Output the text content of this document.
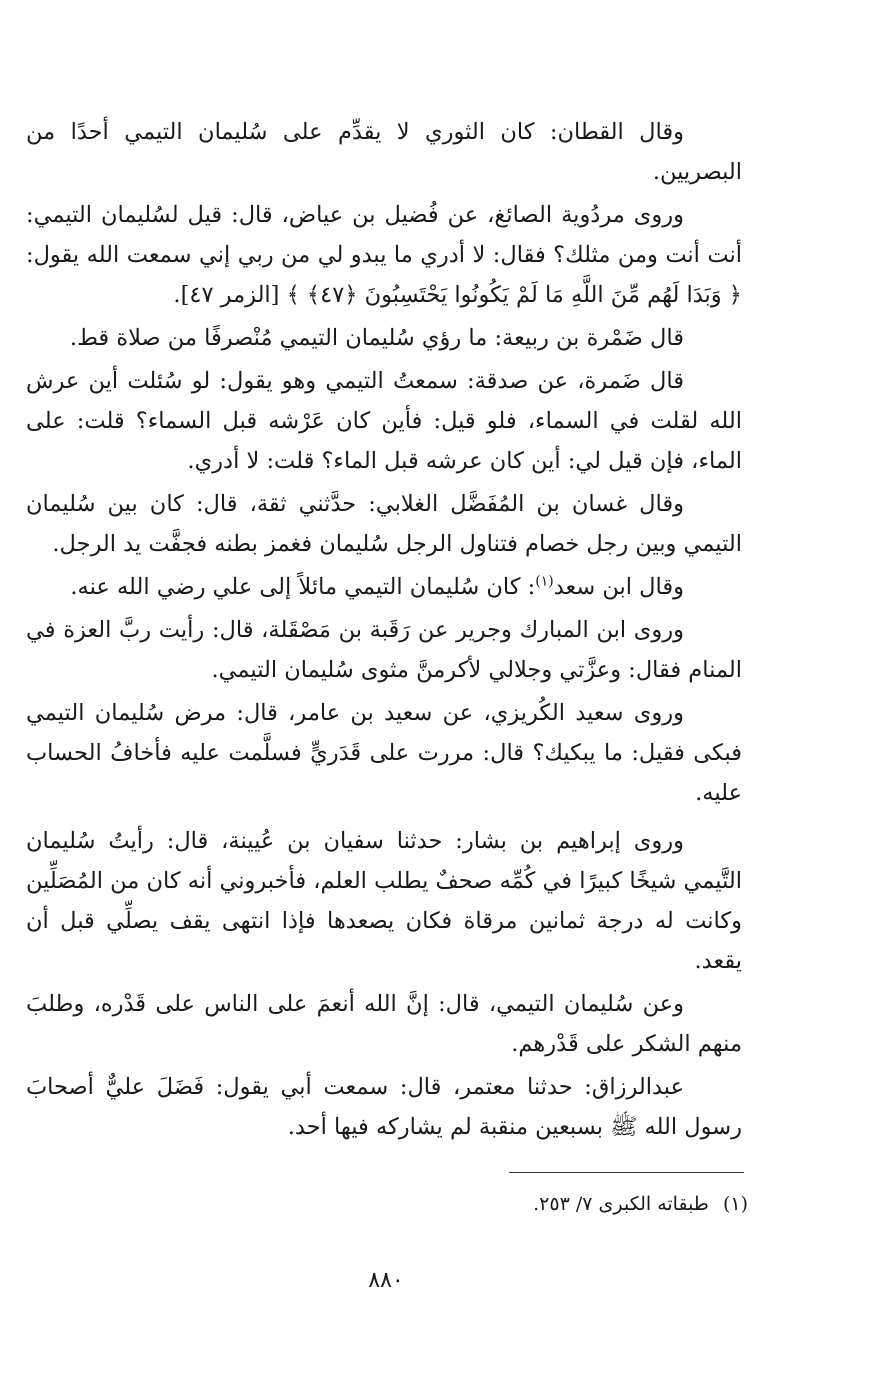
وقال القطان: كان الثوري لا يقدِّم على سُليمان التيمي أحدًا من البصريين.

وروى مردُوية الصائغ، عن فُضيل بن عياض، قال: قيل لسُليمان التيمي: أنت أنت ومن مثلك؟ فقال: لا أدري ما يبدو لي من ربي إني سمعت الله يقول: ﴿ وَبَدَا لَهُم مِّنَ اللَّهِ مَا لَمْ يَكُونُوا يَحْتَسِبُونَ ﴿٤٧﴾ ﴾ [الزمر ٤٧].

قال ضَمْرة بن ربيعة: ما رؤي سُليمان التيمي مُنْصرفًا من صلاة قط.

قال ضَمرة، عن صدقة: سمعتُ التيمي وهو يقول: لو سُئلت أين عرش الله لقلت في السماء، فلو قيل: فأين كان عَرْشه قبل السماء؟ قلت: على الماء، فإن قيل لي: أين كان عرشه قبل الماء؟ قلت: لا أدري.

وقال غسان بن المُفَضَّل الغلابي: حدَّثني ثقة، قال: كان بين سُليمان التيمي وبين رجل خصام فتناول الرجل سُليمان فغمز بطنه فجفَّت يد الرجل.

وقال ابن سعد$^{(١)}$: كان سُليمان التيمي مائلاً إلى علي رضي الله عنه.

وروى ابن المبارك وجرير عن رَقَبة بن مَصْقَلة، قال: رأيت ربَّ العزة في المنام فقال: وعزَّتي وجلالي لأكرمنَّ مثوى سُليمان التيمي.

وروى سعيد الكُريزي، عن سعيد بن عامر، قال: مرض سُليمان التيمي فبكى فقيل: ما يبكيك؟ قال: مررت على قَدَريٍّ فسلَّمت عليه فأخافُ الحساب عليه.

وروى إبراهيم بن بشار: حدثنا سفيان بن عُيينة، قال: رأيتُ سُليمان التَّيمي شيخًا كبيرًا في كُمِّه صحفٌ يطلب العلم، فأخبروني أنه كان من المُصَلِّين وكانت له درجة ثمانين مرقاة فكان يصعدها فإذا انتهى يقف يصلِّي قبل أن يقعد.

وعن سُليمان التيمي، قال: إنَّ الله أنعمَ على الناس على قَدْره، وطلبَ منهم الشكر على قَدْرهم.

عبدالرزاق: حدثنا معتمر، قال: سمعت أبي يقول: فَضَلَ عليٌّ أصحابَ رسول الله ﷺ بسبعين منقبة لم يشاركه فيها أحد.

(١)طبقاته الكبرى ٧/ ٢٥٣.
٨٨٠
